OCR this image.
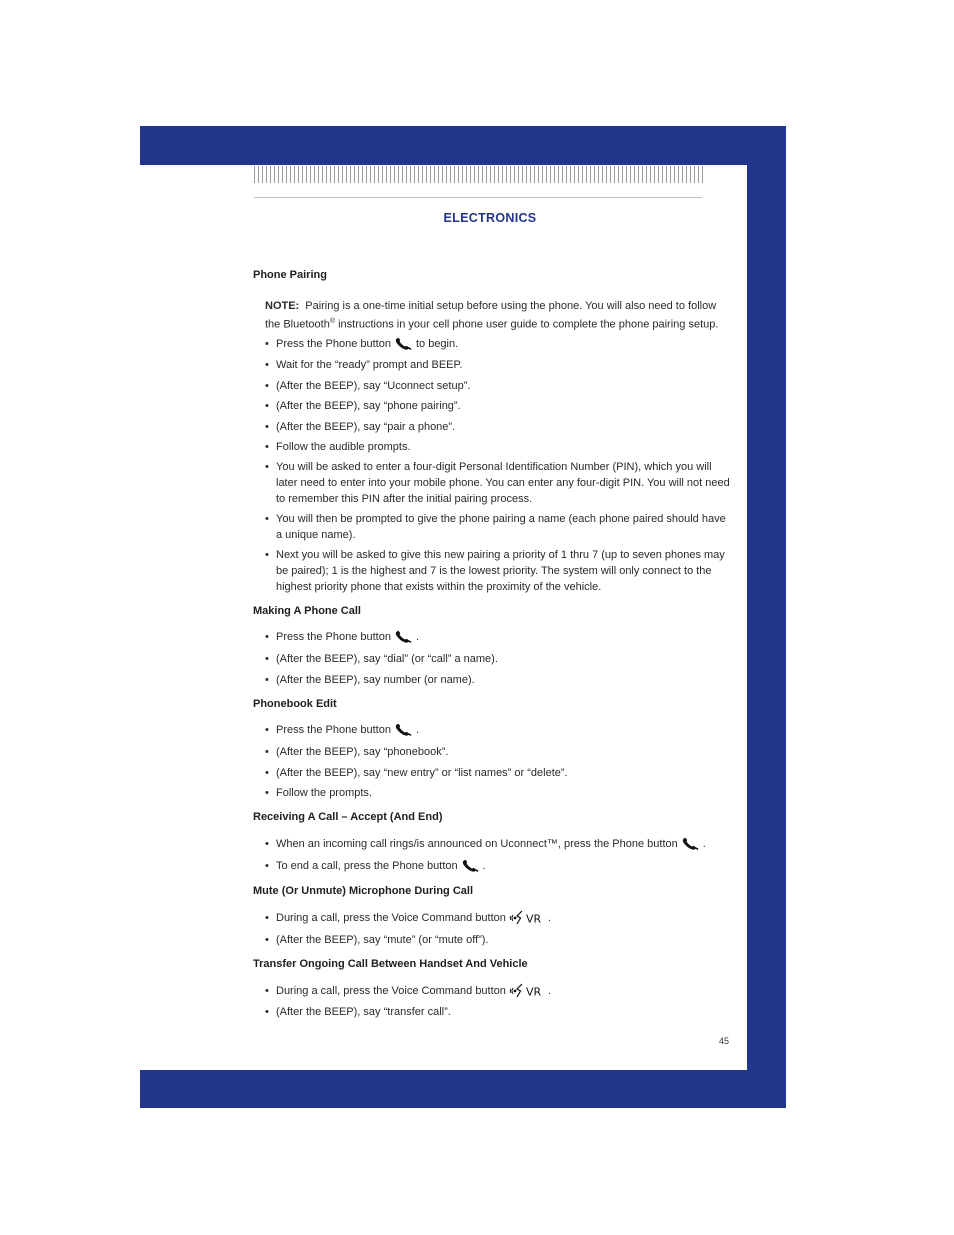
ELECTRONICS
Phone Pairing
NOTE: Pairing is a one-time initial setup before using the phone. You will also need to follow the Bluetooth® instructions in your cell phone user guide to complete the phone pairing setup.
• Press the Phone button to begin.
• Wait for the “ready” prompt and BEEP.
• (After the BEEP), say “Uconnect setup”.
• (After the BEEP), say “phone pairing”.
• (After the BEEP), say “pair a phone”.
• Follow the audible prompts.
• You will be asked to enter a four-digit Personal Identification Number (PIN), which you will later need to enter into your mobile phone. You can enter any four-digit PIN. You will not need to remember this PIN after the initial pairing process.
• You will then be prompted to give the phone pairing a name (each phone paired should have a unique name).
• Next you will be asked to give this new pairing a priority of 1 thru 7 (up to seven phones may be paired); 1 is the highest and 7 is the lowest priority. The system will only connect to the highest priority phone that exists within the proximity of the vehicle.
Making A Phone Call
• Press the Phone button .
• (After the BEEP), say “dial” (or “call” a name).
• (After the BEEP), say number (or name).
Phonebook Edit
• Press the Phone button .
• (After the BEEP), say “phonebook”.
• (After the BEEP), say “new entry” or “list names” or “delete”.
• Follow the prompts.
Receiving A Call – Accept (And End)
• When an incoming call rings/is announced on Uconnect™, press the Phone button .
• To end a call, press the Phone button .
Mute (Or Unmute) Microphone During Call
• During a call, press the Voice Command button VR .
• (After the BEEP), say “mute” (or “mute off”).
Transfer Ongoing Call Between Handset And Vehicle
• During a call, press the Voice Command button VR .
• (After the BEEP), say “transfer call”.
45
